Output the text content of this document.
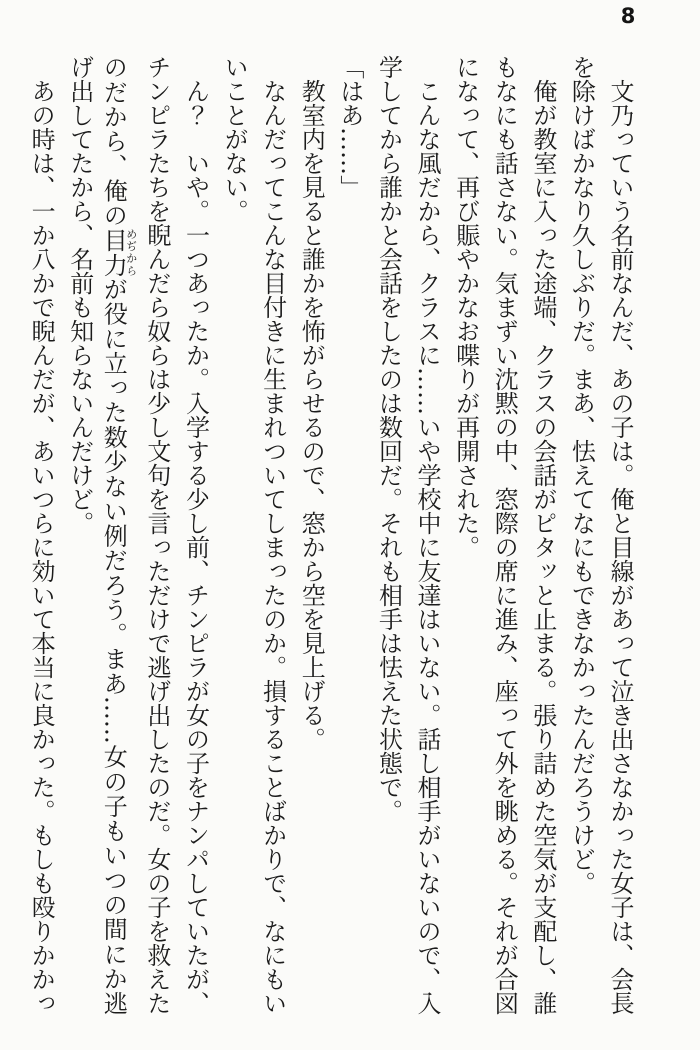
8
　文乃っていう名前なんだ、あの子は。俺と目線があって泣き出さなかった女子は、会長
を除けばかなり久しぶりだ。まあ、怯えてなにもできなかったんだろうけど。
　俺が教室に入った途端、クラスの会話がピタッと止まる。張り詰めた空気が支配し、誰
もなにも話さない。気まずい沈黙の中、窓際の席に進み、座って外を眺める。それが合図
になって、再び賑やかなお喋りが再開された。
　こんな風だから、クラスに……いや学校中に友達はいない。話し相手がいないので、入
学してから誰かと会話をしたのは数回だ。それも相手は怯えた状態で。
「はあ……」
　教室内を見ると誰かを怖がらせるので、窓から空を見上げる。
　なんだってこんな目付きに生まれついてしまったのか。損することばかりで、なにもい
いことがない。
　ん？　いや。一つあったか。入学する少し前、チンピラが女の子をナンパしていたが、
チンピラたちを睨んだら奴らは少し文句を言っただけで逃げ出したのだ。女の子を救えた
のだから、俺の目力めぢからが役に立った数少ない例だろう。まあ……女の子もいつの間にか逃
げ出してたから、名前も知らないんだけど。
　あの時は、一か八かで睨んだが、あいつらに効いて本当に良かった。もしも殴りかかっ
